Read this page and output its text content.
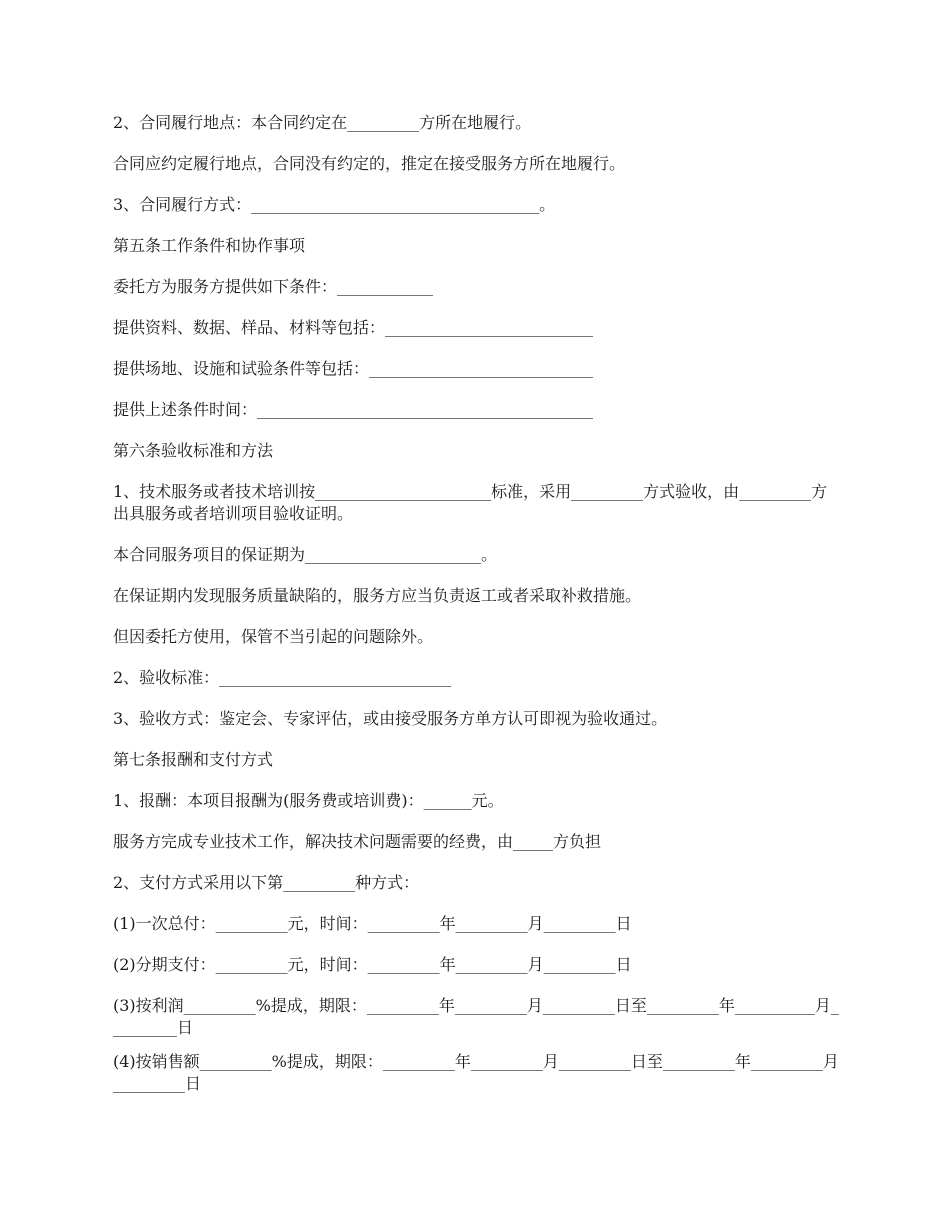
2、合同履行地点：本合同约定在_________方所在地履行。

合同应约定履行地点，合同没有约定的，推定在接受服务方所在地履行。

3、合同履行方式：____________________________________。

第五条工作条件和协作事项

委托方为服务方提供如下条件：____________

提供资料、数据、样品、材料等包括：__________________________

提供场地、设施和试验条件等包括：____________________________

提供上述条件时间：__________________________________________

第六条验收标准和方法

1、技术服务或者技术培训按______________________标准，采用_________方式验收，由_________方出具服务或者培训项目验收证明。

本合同服务项目的保证期为______________________。

在保证期内发现服务质量缺陷的，服务方应当负责返工或者采取补救措施。

但因委托方使用，保管不当引起的问题除外。

2、验收标准：_____________________________

3、验收方式：鉴定会、专家评估，或由接受服务方单方认可即视为验收通过。

第七条报酬和支付方式

1、报酬：本项目报酬为(服务费或培训费)：______元。

服务方完成专业技术工作，解决技术问题需要的经费，由_____方负担

2、支付方式采用以下第_________种方式：

(1)一次总付：_________元，时间：_________年_________月_________日

(2)分期支付：_________元，时间：_________年_________月_________日

(3)按利润_________%提成，期限：_________年_________月_________日至_________年__________月_________日

(4)按销售额_________%提成，期限：_________年_________月_________日至_________年_________月_________日
